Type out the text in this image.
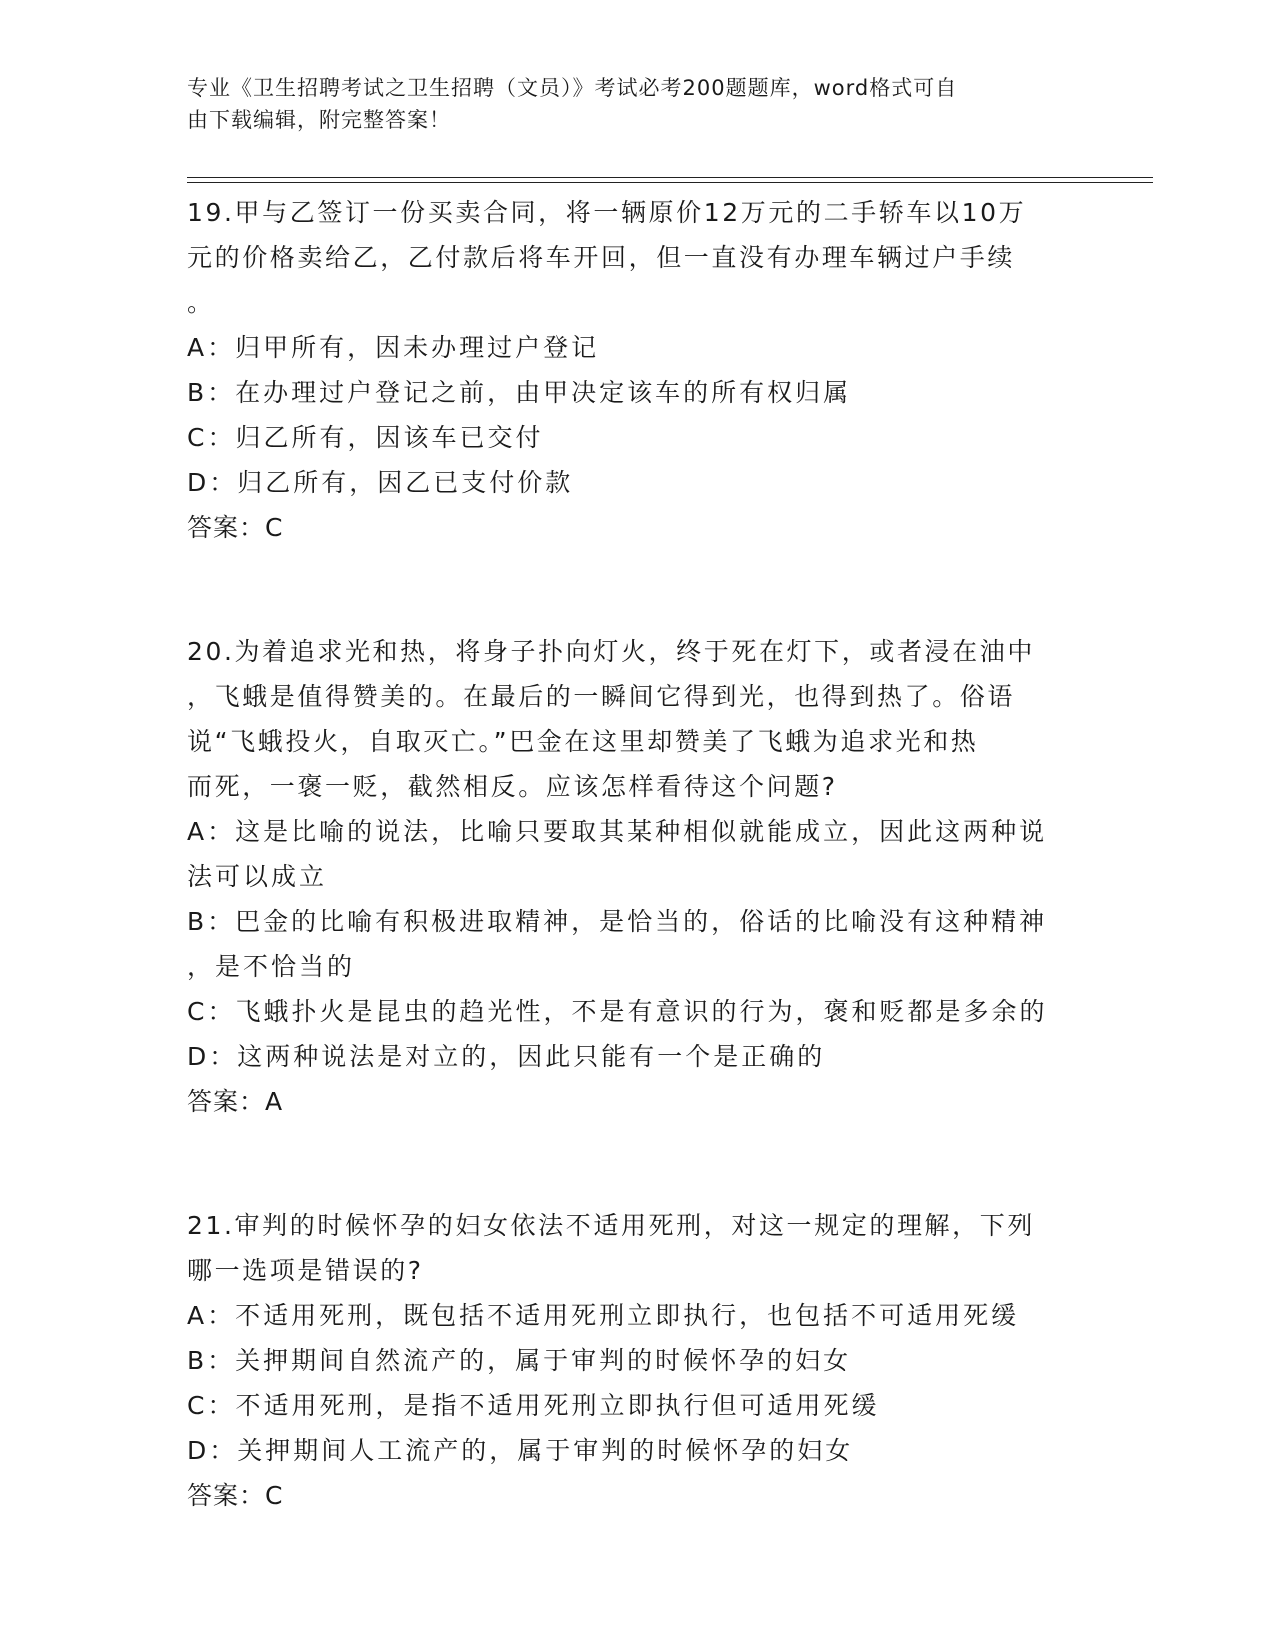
专业《卫生招聘考试之卫生招聘（文员）》考试必考200题题库，word格式可自
由下载编辑，附完整答案！
19.甲与乙签订一份买卖合同，将一辆原价12万元的二手轿车以10万
元的价格卖给乙，乙付款后将车开回，但一直没有办理车辆过户手续
。
A：归甲所有，因未办理过户登记
B：在办理过户登记之前，由甲决定该车的所有权归属
C：归乙所有，因该车已交付
D：归乙所有，因乙已支付价款
答案：C
20.为着追求光和热，将身子扑向灯火，终于死在灯下，或者浸在油中
，飞蛾是值得赞美的。在最后的一瞬间它得到光，也得到热了。俗语
说“飞蛾投火，自取灭亡。”巴金在这里却赞美了飞蛾为追求光和热
而死，一褒一贬，截然相反。应该怎样看待这个问题?
A：这是比喻的说法，比喻只要取其某种相似就能成立，因此这两种说
法可以成立
B：巴金的比喻有积极进取精神，是恰当的，俗话的比喻没有这种精神
，是不恰当的
C：飞蛾扑火是昆虫的趋光性，不是有意识的行为，褒和贬都是多余的
D：这两种说法是对立的，因此只能有一个是正确的
答案：A
21.审判的时候怀孕的妇女依法不适用死刑，对这一规定的理解，下列
哪一选项是错误的?
A：不适用死刑，既包括不适用死刑立即执行，也包括不可适用死缓
B：关押期间自然流产的，属于审判的时候怀孕的妇女
C：不适用死刑，是指不适用死刑立即执行但可适用死缓
D：关押期间人工流产的，属于审判的时候怀孕的妇女
答案：C
